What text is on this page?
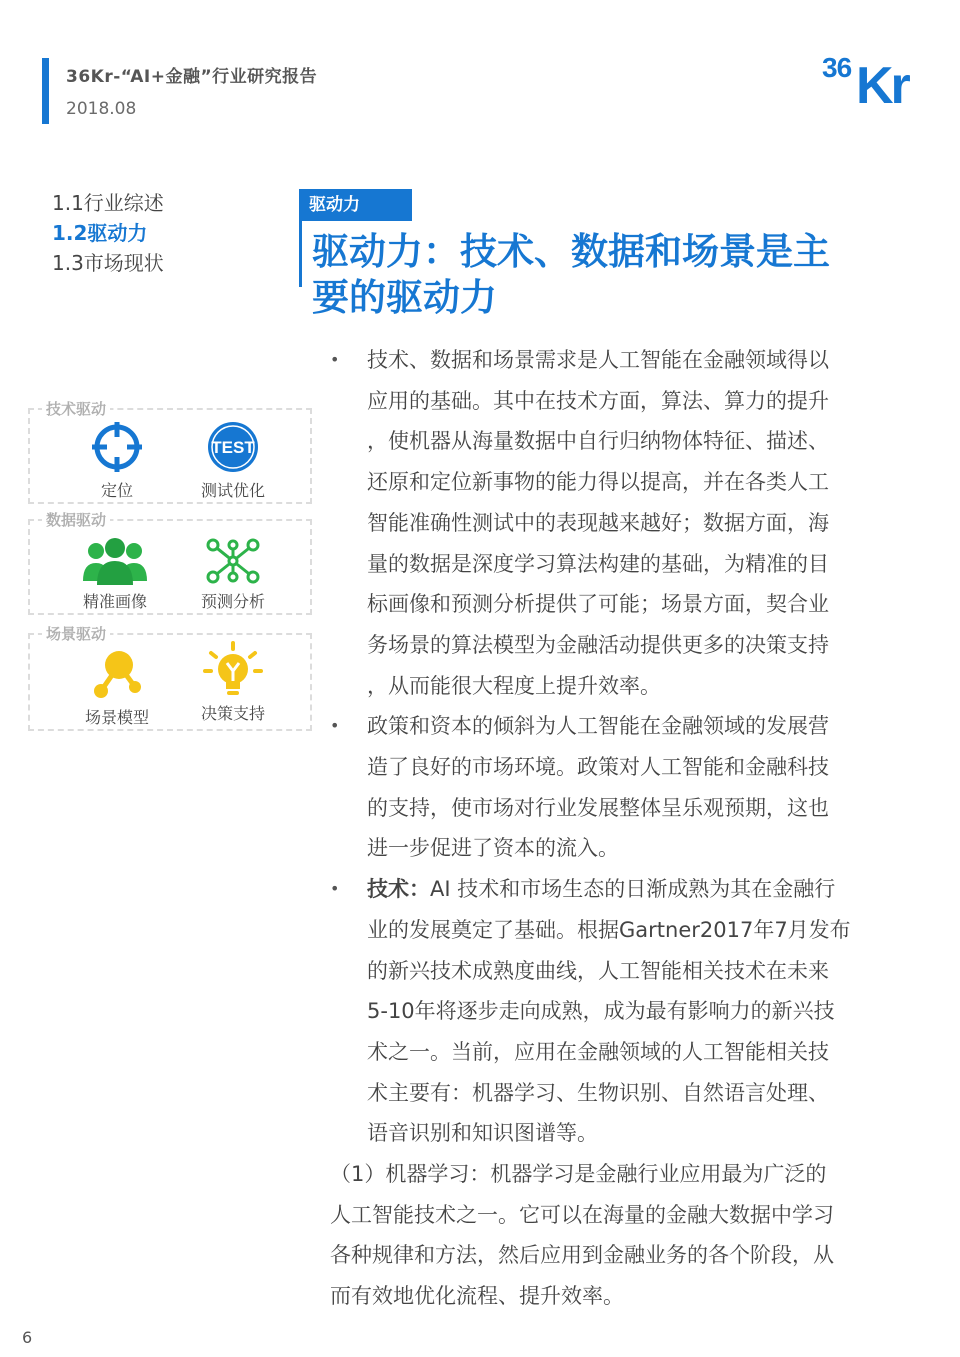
36Kr-“AI+金融”行业研究报告
2018.08
36 Kr
1.1行业综述
1.2驱动力
1.3市场现状
驱动力
驱动力：技术、数据和场景是主
要的驱动力
技术驱动
定位
TEST
测试优化
数据驱动
精准画像	预测分析
场景驱动
场景模型	决策支持
• 技术、数据和场景需求是人工智能在金融领域得以
应用的基础。其中在技术方面，算法、算力的提升
，使机器从海量数据中自行归纳物体特征、描述、
还原和定位新事物的能力得以提高，并在各类人工
智能准确性测试中的表现越来越好；数据方面，海
量的数据是深度学习算法构建的基础，为精准的目
标画像和预测分析提供了可能；场景方面，契合业
务场景的算法模型为金融活动提供更多的决策支持
，从而能很大程度上提升效率。
• 政策和资本的倾斜为人工智能在金融领域的发展营
造了良好的市场环境。政策对人工智能和金融科技
的支持，使市场对行业发展整体呈乐观预期，这也
进一步促进了资本的流入。
• 技术：AI 技术和市场生态的日渐成熟为其在金融行
业的发展奠定了基础。根据Gartner2017年7月发布
的新兴技术成熟度曲线，人工智能相关技术在未来
5-10年将逐步走向成熟，成为最有影响力的新兴技
术之一。当前，应用在金融领域的人工智能相关技
术主要有：机器学习、生物识别、自然语言处理、
语音识别和知识图谱等。
（1）机器学习：机器学习是金融行业应用最为广泛的
人工智能技术之一。它可以在海量的金融大数据中学习
各种规律和方法，然后应用到金融业务的各个阶段，从
而有效地优化流程、提升效率。
6
